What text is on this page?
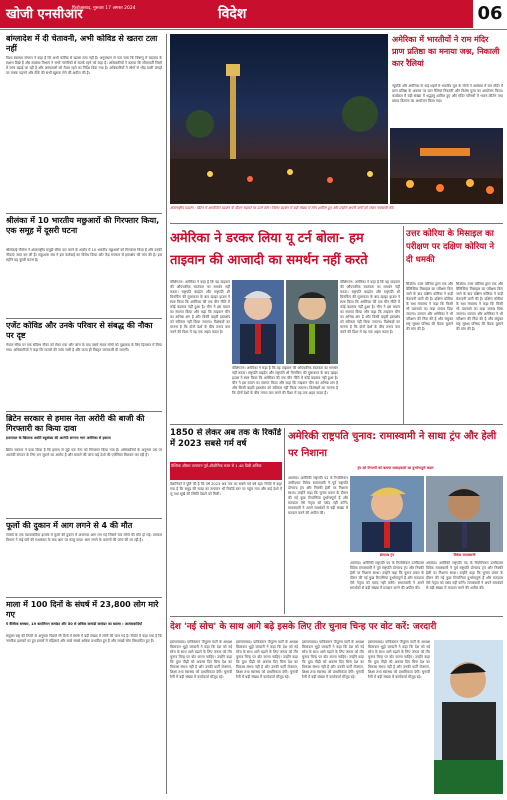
खोजी एनसीआर
फिरोजाबाद, गुरुवार 17 अगस्त 2024	विदेश	06
बांग्लादेश में दी चेतावनी, अभी कोविड से खतरा टला नहीं
विश्व स्वास्थ्य संगठन ने कहा है कि अभी कोविड से खतरा टला नहीं है। अनुसंधान से पता चला कि विषाणु में बदलाव के लक्षण दिखे हैं और स्वास्थ्य विभाग ने सभी नागरिकों से सतर्क रहने को कहा है। अधिकारियों ने बताया कि सीमावर्ती जिलों में जांच बढ़ाई जा रही है और अस्पतालों को तैयार रहने का निर्देश दिया गया है। अधिकारियों ने लोगों से भीड़ वाली जगहों पर मास्क पहनने और टीके की सभी खुराक लेने की अपील की है।
श्रीलंका में 10 भारतीय मछुआरों की गिरफ्तार किया, एक समूह में दूसरी घटना
श्रीलंकाई नौसेना ने अंतरराष्ट्रीय समुद्री सीमा पार करने के आरोप में 10 भारतीय मछुआरों को गिरफ्तार किया है और उनकी नौकाएं जब्त कर ली हैं। मछुआरा संघ ने इस कार्रवाई का विरोध किया और केंद्र सरकार से हस्तक्षेप की मांग की है। इस महीने यह दूसरी घटना है।
एजेंट कोविड और उनके परिवार से संबद्ध की नौका पर दृष्ट
नेपाल सीमा पर एक संदिग्ध नौका को रोका गया और जांच के बाद उसमें सवार लोगों को पूछताछ के लिए हिरासत में लिया गया। अधिकारियों ने कहा कि मामले की जांच जारी है और जल्द ही विस्तृत जानकारी दी जाएगी।
ब्रिटेन सरकार से हमास नेता अरोरी की बाजी की गिरफ्तारी का किया दावा
इजरायल के खिलाफ अरोरी बहुसंख्य की आरोपी सरगना भाग अमेरिका से हवाला
ब्रिटेन सरकार ने दावा किया है कि हमास से जुड़े एक नेता को गिरफ्तार किया गया है। अधिकारियों के अनुसार उस पर आतंकी संगठन के लिए धन जुटाने का आरोप है और मामले की जांच कई देशों की एजेंसियां मिलकर कर रही हैं।
फूलों की दुकान में आग लगने से 4 की मौत
टोक्यो के एक व्यावसायिक इलाके में फूलों की दुकान में अचानक आग लग गई जिसमें चार लोगों की मौत हो गई। दमकल विभाग ने कई घंटों की मशक्कत के बाद आग पर काबू पाया। आग लगने के कारणों की जांच की जा रही है।
माला में 100 दिनों के संघर्ष में 23,800 लोग मारे गए
ये वैश्विक बमबार, 19 बटालियन कमांडर और 50 से अधिक कमांडों कमांडर का खात्मा : आतंकवादियों
संयुक्त राष्ट्र की रिपोर्ट के अनुसार पिछले सौ दिनों में संघर्ष में बड़ी संख्या में लोगों की जान गई है। रिपोर्ट में कहा गया है कि नागरिक इलाकों पर हुए हमलों में महिलाएं और बच्चे सबसे अधिक प्रभावित हुए हैं और लाखों लोग विस्थापित हुए हैं।
अमेरिका में भारतीयों ने राम मंदिर प्राण प्रतिष्ठा का मनाया जश्न, निकाली कार रैलियां
न्यूयॉर्क और अमेरिका के कई शहरों में भारतीय मूल के लोगों ने अयोध्या में राम मंदिर में प्राण प्रतिष्ठा के अवसर पर कार रैलियां निकालीं और विशेष पूजा का आयोजन किया। कार्यक्रम में बड़ी संख्या में श्रद्धालु शामिल हुए और मंदिर परिसरों में भजन-कीर्तन तथा प्रसाद वितरण का आयोजन किया गया।
अंतरराष्ट्रीय प्रदर्शन : ब्रिटेन में आयोजित प्रदर्शन के दौरान सड़कों पर उतरे लोग। विरोध प्रदर्शन में बड़ी संख्या में लोग शामिल हुए और उन्होंने अपनी मांगों को लेकर नारेबाजी की।
अमेरिका ने डरकर लिया यू टर्न बोला- हम ताइवान की आजादी का समर्थन नहीं करते
वॉशिंगटन। अमेरिका ने कहा है कि वह ताइवान की औपचारिक स्वतंत्रता का समर्थन नहीं करता। राष्ट्रपति बाइडेन और राष्ट्रपति शी चिनफिंग की मुलाकात के बाद व्हाइट हाउस ने स्पष्ट किया कि अमेरिका की एक चीन नीति में कोई बदलाव नहीं हुआ है। चीन ने इस बयान का स्वागत किया और कहा कि ताइवान चीन का अभिन्न अंग है और किसी बाहरी हस्तक्षेप को स्वीकार नहीं किया जाएगा। विशेषज्ञों का मानना है कि दोनों देशों के बीच तनाव कम करने की दिशा में यह एक अहम कदम है।
वॉशिंगटन। अमेरिका ने कहा है कि वह ताइवान की औपचारिक स्वतंत्रता का समर्थन नहीं करता। राष्ट्रपति बाइडेन और राष्ट्रपति शी चिनफिंग की मुलाकात के बाद व्हाइट हाउस ने स्पष्ट किया कि अमेरिका की एक चीन नीति में कोई बदलाव नहीं हुआ है। चीन ने इस बयान का स्वागत किया और कहा कि ताइवान चीन का अभिन्न अंग है और किसी बाहरी हस्तक्षेप को स्वीकार नहीं किया जाएगा। विशेषज्ञों का मानना है कि दोनों देशों के बीच तनाव कम करने की दिशा में यह एक अहम कदम है।
वॉशिंगटन। अमेरिका ने कहा है कि वह ताइवान की औपचारिक स्वतंत्रता का समर्थन नहीं करता। राष्ट्रपति बाइडेन और राष्ट्रपति शी चिनफिंग की मुलाकात के बाद व्हाइट हाउस ने स्पष्ट किया कि अमेरिका की एक चीन नीति में कोई बदलाव नहीं हुआ है। चीन ने इस बयान का स्वागत किया और कहा कि ताइवान चीन का अभिन्न अंग है और किसी बाहरी हस्तक्षेप को स्वीकार नहीं किया जाएगा। विशेषज्ञों का मानना है कि दोनों देशों के बीच तनाव कम करने की दिशा में यह एक अहम कदम है।
उत्तर कोरिया के मिसाइल का परीक्षण पर दक्षिण कोरिया ने दी धमकी
सियोल। उत्तर कोरिया द्वारा एक और बैलिस्टिक मिसाइल का परीक्षण किए जाने के बाद दक्षिण कोरिया ने कड़ी चेतावनी जारी की है। दक्षिण कोरिया के रक्षा मंत्रालय ने कहा कि किसी भी उकसावे का कड़ा जवाब दिया जाएगा। जापान और अमेरिका ने भी परीक्षण की निंदा की है और संयुक्त राष्ट्र सुरक्षा परिषद की बैठक बुलाने की मांग की है।
सियोल। उत्तर कोरिया द्वारा एक और बैलिस्टिक मिसाइल का परीक्षण किए जाने के बाद दक्षिण कोरिया ने कड़ी चेतावनी जारी की है। दक्षिण कोरिया के रक्षा मंत्रालय ने कहा कि किसी भी उकसावे का कड़ा जवाब दिया जाएगा। जापान और अमेरिका ने भी परीक्षण की निंदा की है और संयुक्त राष्ट्र सुरक्षा परिषद की बैठक बुलाने की मांग की है।
1850 से लेकर अब तक के रिकॉर्ड में 2023 सबसे गर्म वर्ष
वैश्विक औसत तापमान पूर्व-औद्योगिक काल से 1.48 डिग्री अधिक
वैज्ञानिकों ने पुष्टि की है कि वर्ष 2023 अब तक का सबसे गर्म वर्ष रहा। रिपोर्ट में कहा गया है कि समुद्र की सतह का तापमान भी रिकॉर्ड स्तर पर पहुंच गया और कई देशों में लू तथा सूखे की स्थिति देखने को मिली।
अमेरिकी राष्ट्रपति चुनाव: रामास्वामी ने साधा ट्रंप और हेली पर निशाना
ट्रंप को टिप्पणी को बताया सलाहकारों का दुर्भाग्यपूर्ण कदम
आयोवा। अमेरिकी राष्ट्रपति पद के रिपब्लिकन उम्मीदवार विवेक रामास्वामी ने पूर्व राष्ट्रपति डोनाल्ड ट्रंप और निक्की हेली पर निशाना साधा। उन्होंने कहा कि चुनाव प्रचार के दौरान की गई कुछ टिप्पणियां दुर्भाग्यपूर्ण हैं और मतदाता ऐसे नेतृत्व को पसंद नहीं करेंगे। रामास्वामी ने अपने समर्थकों से बड़ी संख्या में मतदान करने की अपील की।
डोनाल्ड ट्रंप	विवेक रामास्वामी
आयोवा। अमेरिकी राष्ट्रपति पद के रिपब्लिकन उम्मीदवार विवेक रामास्वामी ने पूर्व राष्ट्रपति डोनाल्ड ट्रंप और निक्की हेली पर निशाना साधा। उन्होंने कहा कि चुनाव प्रचार के दौरान की गई कुछ टिप्पणियां दुर्भाग्यपूर्ण हैं और मतदाता ऐसे नेतृत्व को पसंद नहीं करेंगे। रामास्वामी ने अपने समर्थकों से बड़ी संख्या में मतदान करने की अपील की।
आयोवा। अमेरिकी राष्ट्रपति पद के रिपब्लिकन उम्मीदवार विवेक रामास्वामी ने पूर्व राष्ट्रपति डोनाल्ड ट्रंप और निक्की हेली पर निशाना साधा। उन्होंने कहा कि चुनाव प्रचार के दौरान की गई कुछ टिप्पणियां दुर्भाग्यपूर्ण हैं और मतदाता ऐसे नेतृत्व को पसंद नहीं करेंगे। रामास्वामी ने अपने समर्थकों से बड़ी संख्या में मतदान करने की अपील की।
देश 'नई सोच' के साथ आगे बढ़े इसके लिए तीर चुनाव चिन्ह पर वोट करें: जरदारी
इस्लामाबाद। पाकिस्तान पीपुल्स पार्टी के अध्यक्ष बिलावल भुट्टो जरदारी ने कहा कि देश को नई सोच के साथ आगे बढ़ाने के लिए जनता को तीर चुनाव चिन्ह पर वोट करना चाहिए। उन्होंने कहा कि युवा पीढ़ी को अवसर दिए बिना देश का विकास संभव नहीं है और उनकी पार्टी रोजगार, शिक्षा तथा स्वास्थ्य को प्राथमिकता देगी। चुनावी रैली में बड़ी संख्या में कार्यकर्ता मौजूद रहे।
इस्लामाबाद। पाकिस्तान पीपुल्स पार्टी के अध्यक्ष बिलावल भुट्टो जरदारी ने कहा कि देश को नई सोच के साथ आगे बढ़ाने के लिए जनता को तीर चुनाव चिन्ह पर वोट करना चाहिए। उन्होंने कहा कि युवा पीढ़ी को अवसर दिए बिना देश का विकास संभव नहीं है और उनकी पार्टी रोजगार, शिक्षा तथा स्वास्थ्य को प्राथमिकता देगी। चुनावी रैली में बड़ी संख्या में कार्यकर्ता मौजूद रहे।
इस्लामाबाद। पाकिस्तान पीपुल्स पार्टी के अध्यक्ष बिलावल भुट्टो जरदारी ने कहा कि देश को नई सोच के साथ आगे बढ़ाने के लिए जनता को तीर चुनाव चिन्ह पर वोट करना चाहिए। उन्होंने कहा कि युवा पीढ़ी को अवसर दिए बिना देश का विकास संभव नहीं है और उनकी पार्टी रोजगार, शिक्षा तथा स्वास्थ्य को प्राथमिकता देगी। चुनावी रैली में बड़ी संख्या में कार्यकर्ता मौजूद रहे।
इस्लामाबाद। पाकिस्तान पीपुल्स पार्टी के अध्यक्ष बिलावल भुट्टो जरदारी ने कहा कि देश को नई सोच के साथ आगे बढ़ाने के लिए जनता को तीर चुनाव चिन्ह पर वोट करना चाहिए। उन्होंने कहा कि युवा पीढ़ी को अवसर दिए बिना देश का विकास संभव नहीं है और उनकी पार्टी रोजगार, शिक्षा तथा स्वास्थ्य को प्राथमिकता देगी। चुनावी रैली में बड़ी संख्या में कार्यकर्ता मौजूद रहे।
